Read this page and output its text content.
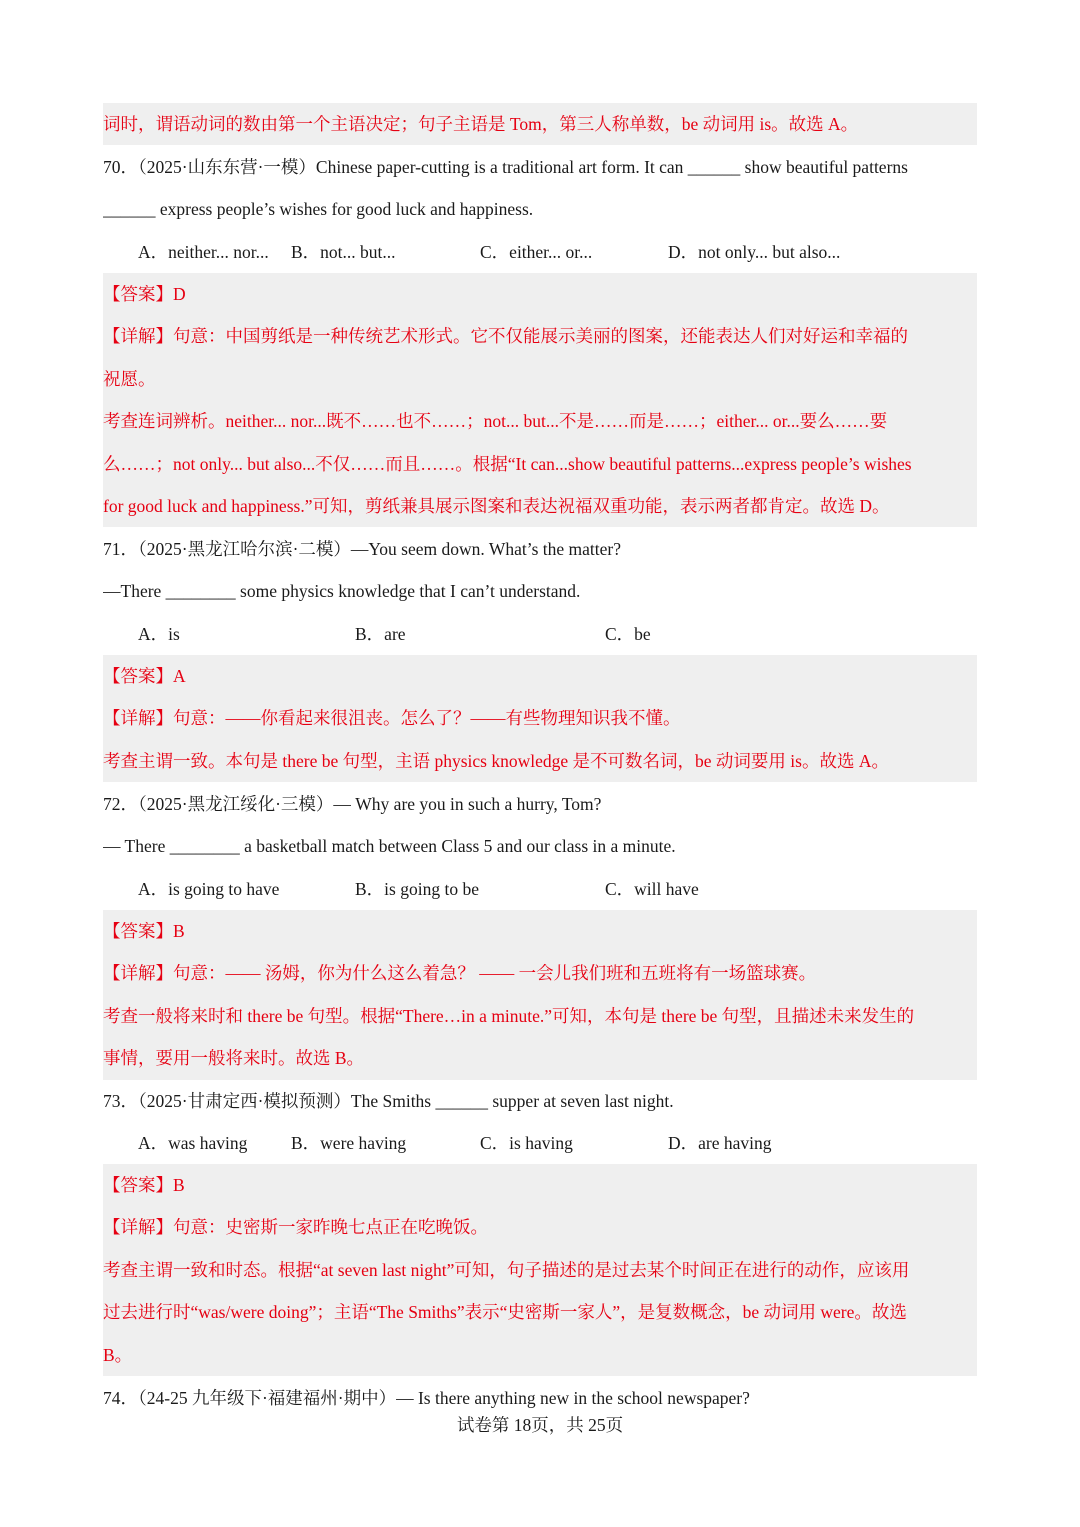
词时，谓语动词的数由第一个主语决定；句子主语是 Tom，第三人称单数，be 动词用 is。故选 A。
70．（2025·山东东营·一模）Chinese paper-cutting is a traditional art form. It can ______ show beautiful patterns
______ express people’s wishes for good luck and happiness.
A．neither... nor... B．not... but...	C．either... or...	D．not only... but also...
【答案】D
【详解】句意：中国剪纸是一种传统艺术形式。它不仅能展示美丽的图案，还能表达人们对好运和幸福的
祝愿。
考查连词辨析。neither... nor...既不……也不……；not... but...不是……而是……；either... or...要么……要
么……；not only... but also...不仅……而且……。根据“It can...show beautiful patterns...express people’s wishes
for good luck and happiness.”可知，剪纸兼具展示图案和表达祝福双重功能，表示两者都肯定。故选 D。
71．（2025·黑龙江哈尔滨·二模）—You seem down. What’s the matter?
—There ________ some physics knowledge that I can’t understand.
A．is	B．are	C．be
【答案】A
【详解】句意：——你看起来很沮丧。怎么了？——有些物理知识我不懂。
考查主谓一致。本句是 there be 句型，主语 physics knowledge 是不可数名词，be 动词要用 is。故选 A。
72．（2025·黑龙江绥化·三模）— Why are you in such a hurry, Tom?
— There ________ a basketball match between Class 5 and our class in a minute.
A．is going to have	B．is going to be	C．will have
【答案】B
【详解】句意：—— 汤姆，你为什么这么着急？ —— 一会儿我们班和五班将有一场篮球赛。
考查一般将来时和 there be 句型。根据“There…in a minute.”可知，本句是 there be 句型，且描述未来发生的
事情，要用一般将来时。故选 B。
73．（2025·甘肃定西·模拟预测）The Smiths ______ supper at seven last night.
A．was having B．were having	C．is having	D．are having
【答案】B
【详解】句意：史密斯一家昨晚七点正在吃晚饭。
考查主谓一致和时态。根据“at seven last night”可知，句子描述的是过去某个时间正在进行的动作，应该用
过去进行时“was/were doing”；主语“The Smiths”表示“史密斯一家人”，是复数概念，be 动词用 were。故选
B。
74．（24-25 九年级下·福建福州·期中）— Is there anything new in the school newspaper?
试卷第 18页，共 25页
